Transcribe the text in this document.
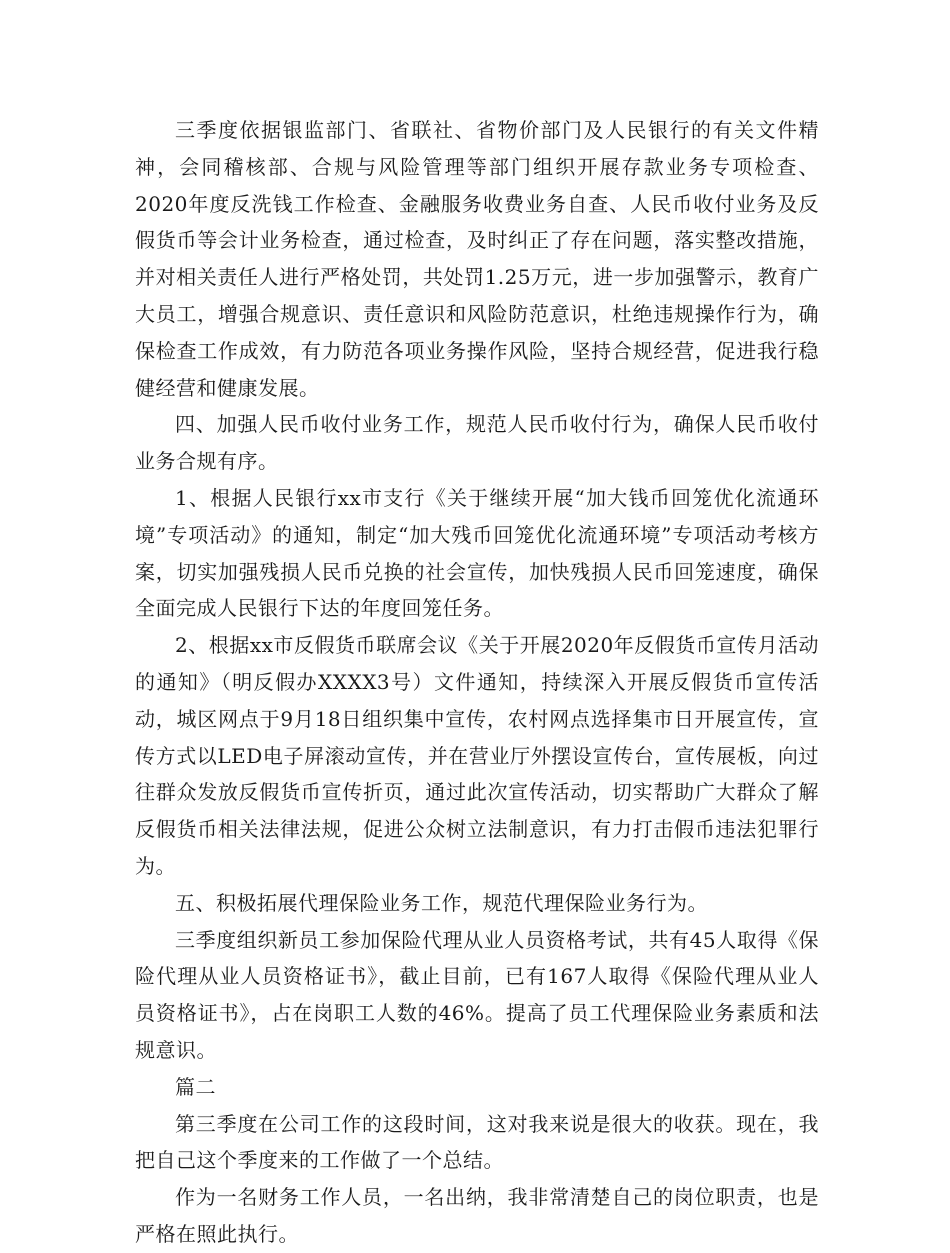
三季度依据银监部门、省联社、省物价部门及人民银行的有关文件精神，会同稽核部、合规与风险管理等部门组织开展存款业务专项检查、2020年度反洗钱工作检查、金融服务收费业务自查、人民币收付业务及反假货币等会计业务检查，通过检查，及时纠正了存在问题，落实整改措施，并对相关责任人进行严格处罚，共处罚1.25万元，进一步加强警示，教育广大员工，增强合规意识、责任意识和风险防范意识，杜绝违规操作行为，确保检查工作成效，有力防范各项业务操作风险，坚持合规经营，促进我行稳健经营和健康发展。

四、加强人民币收付业务工作，规范人民币收付行为，确保人民币收付业务合规有序。

1、根据人民银行xx市支行《关于继续开展“加大钱币回笼优化流通环境”专项活动》的通知，制定“加大残币回笼优化流通环境”专项活动考核方案，切实加强残损人民币兑换的社会宣传，加快残损人民币回笼速度，确保全面完成人民银行下达的年度回笼任务。

2、根据xx市反假货币联席会议《关于开展2020年反假货币宣传月活动的通知》（明反假办XXXX3号）文件通知，持续深入开展反假货币宣传活动，城区网点于9月18日组织集中宣传，农村网点选择集市日开展宣传，宣传方式以LED电子屏滚动宣传，并在营业厅外摆设宣传台，宣传展板，向过往群众发放反假货币宣传折页，通过此次宣传活动，切实帮助广大群众了解反假货币相关法律法规，促进公众树立法制意识，有力打击假币违法犯罪行为。

五、积极拓展代理保险业务工作，规范代理保险业务行为。

三季度组织新员工参加保险代理从业人员资格考试，共有45人取得《保险代理从业人员资格证书》，截止目前，已有167人取得《保险代理从业人员资格证书》，占在岗职工人数的46%。提高了员工代理保险业务素质和法规意识。

篇二

第三季度在公司工作的这段时间，这对我来说是很大的收获。现在，我把自己这个季度来的工作做了一个总结。

作为一名财务工作人员，一名出纳，我非常清楚自己的岗位职责，也是严格在照此执行。
